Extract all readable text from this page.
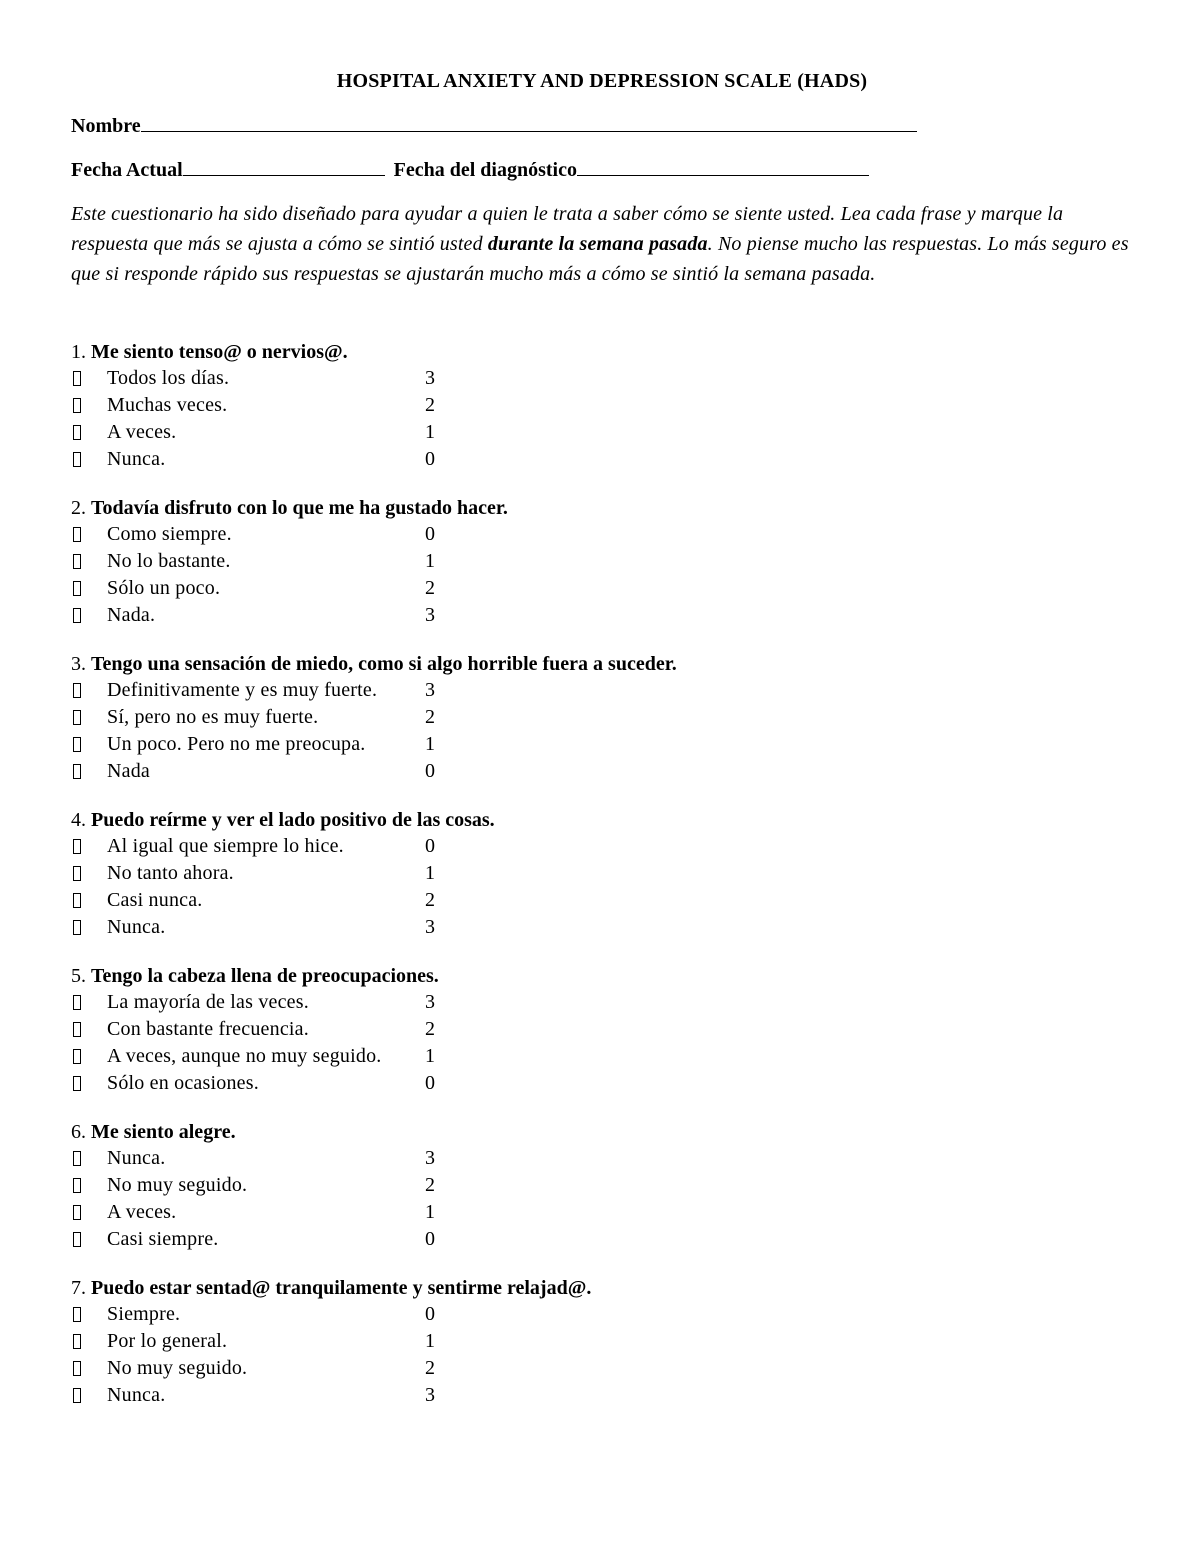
HOSPITAL ANXIETY AND DEPRESSION SCALE (HADS)
Nombre
Fecha Actual	Fecha del diagnóstico
Este cuestionario ha sido diseñado para ayudar a quien le trata a saber cómo se siente usted. Lea cada frase y marque la respuesta que más se ajusta a cómo se sintió usted durante la semana pasada. No piense mucho las respuestas. Lo más seguro es que si responde rápido sus respuestas se ajustarán mucho más a cómo se sintió la semana pasada.
1. Me siento tenso@ o nervios@.
Todos los días.	3
Muchas veces.	2
A veces.	1
Nunca.	0
2. Todavía disfruto con lo que me ha gustado hacer.
Como siempre.	0
No lo bastante.	1
Sólo un poco.	2
Nada.	3
3. Tengo una sensación de miedo, como si algo horrible fuera a suceder.
Definitivamente y es muy fuerte.	3
Sí, pero no es muy fuerte.	2
Un poco. Pero no me preocupa.	1
Nada	0
4. Puedo reírme y ver el lado positivo de las cosas.
Al igual que siempre lo hice.	0
No tanto ahora.	1
Casi nunca.	2
Nunca.	3
5. Tengo la cabeza llena de preocupaciones.
La mayoría de las veces.	3
Con bastante frecuencia.	2
A veces, aunque no muy seguido.	1
Sólo en ocasiones.	0
6. Me siento alegre.
Nunca.	3
No muy seguido.	2
A veces.	1
Casi siempre.	0
7. Puedo estar sentad@ tranquilamente y sentirme relajad@.
Siempre.	0
Por lo general.	1
No muy seguido.	2
Nunca.	3
